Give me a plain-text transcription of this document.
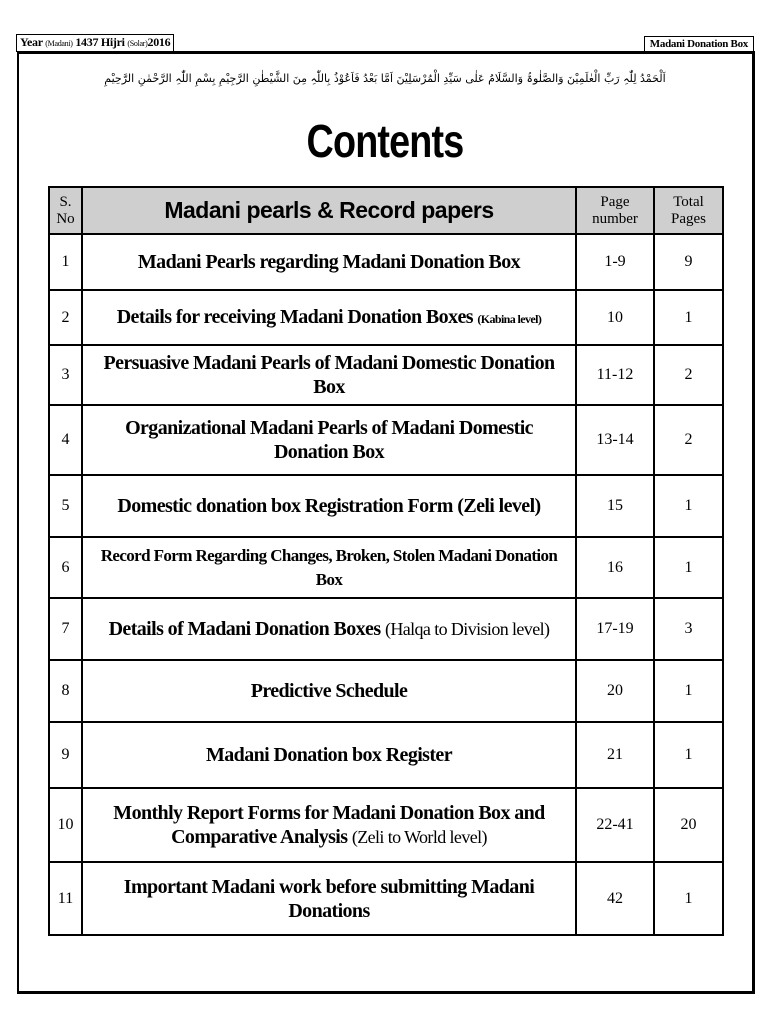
Year (Madani) 1437 Hijri (Solar)2016	Madani Donation Box
اَلْحَمْدُ لِلّٰہِ رَبِّ الْعٰلَمِیْنَ وَالصَّلٰوۃُ وَالسَّلَامُ عَلٰی سَیِّدِ الْمُرْسَلِیْنَ اَمَّا بَعْدُ فَاَعُوْذُ بِاللّٰہِ مِنَ الشَّیْطٰنِ الرَّجِیْمِ بِسْمِ اللّٰہِ الرَّحْمٰنِ الرَّحِیْمِ
Contents
S. No	Madani pearls & Record papers	Page number	Total Pages
1	Madani Pearls regarding Madani Donation Box	1-9	9
2	Details for receiving Madani Donation Boxes (Kabina level)	10	1
3	Persuasive Madani Pearls of Madani Domestic Donation Box	11-12	2
4	Organizational Madani Pearls of Madani Domestic Donation Box	13-14	2
5	Domestic donation box Registration Form (Zeli level)	15	1
6	Record Form Regarding Changes, Broken, Stolen Madani Donation Box	16	1
7	Details of Madani Donation Boxes (Halqa to Division level)	17-19	3
8	Predictive Schedule	20	1
9	Madani Donation box Register	21	1
10	Monthly Report Forms for Madani Donation Box and Comparative Analysis (Zeli to World level)	22-41	20
11	Important Madani work before submitting Madani Donations	42	1
